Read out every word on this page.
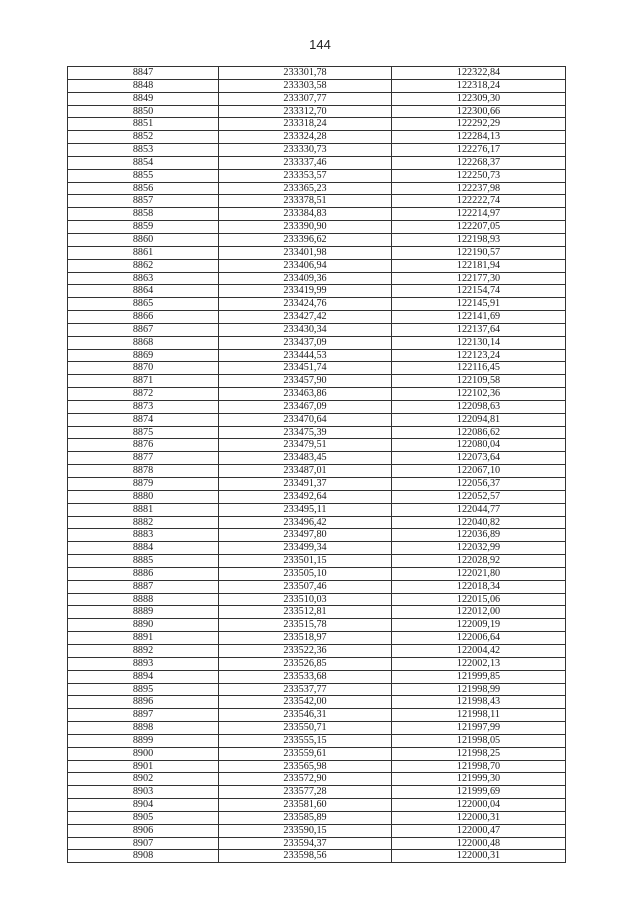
144
8847	233301,78	122322,84
8848	233303,58	122318,24
8849	233307,77	122309,30
8850	233312,70	122300,66
8851	233318,24	122292,29
8852	233324,28	122284,13
8853	233330,73	122276,17
8854	233337,46	122268,37
8855	233353,57	122250,73
8856	233365,23	122237,98
8857	233378,51	122222,74
8858	233384,83	122214,97
8859	233390,90	122207,05
8860	233396,62	122198,93
8861	233401,98	122190,57
8862	233406,94	122181,94
8863	233409,36	122177,30
8864	233419,99	122154,74
8865	233424,76	122145,91
8866	233427,42	122141,69
8867	233430,34	122137,64
8868	233437,09	122130,14
8869	233444,53	122123,24
8870	233451,74	122116,45
8871	233457,90	122109,58
8872	233463,86	122102,36
8873	233467,09	122098,63
8874	233470,64	122094,81
8875	233475,39	122086,62
8876	233479,51	122080,04
8877	233483,45	122073,64
8878	233487,01	122067,10
8879	233491,37	122056,37
8880	233492,64	122052,57
8881	233495,11	122044,77
8882	233496,42	122040,82
8883	233497,80	122036,89
8884	233499,34	122032,99
8885	233501,15	122028,92
8886	233505,10	122021,80
8887	233507,46	122018,34
8888	233510,03	122015,06
8889	233512,81	122012,00
8890	233515,78	122009,19
8891	233518,97	122006,64
8892	233522,36	122004,42
8893	233526,85	122002,13
8894	233533,68	121999,85
8895	233537,77	121998,99
8896	233542,00	121998,43
8897	233546,31	121998,11
8898	233550,71	121997,99
8899	233555,15	121998,05
8900	233559,61	121998,25
8901	233565,98	121998,70
8902	233572,90	121999,30
8903	233577,28	121999,69
8904	233581,60	122000,04
8905	233585,89	122000,31
8906	233590,15	122000,47
8907	233594,37	122000,48
8908	233598,56	122000,31
